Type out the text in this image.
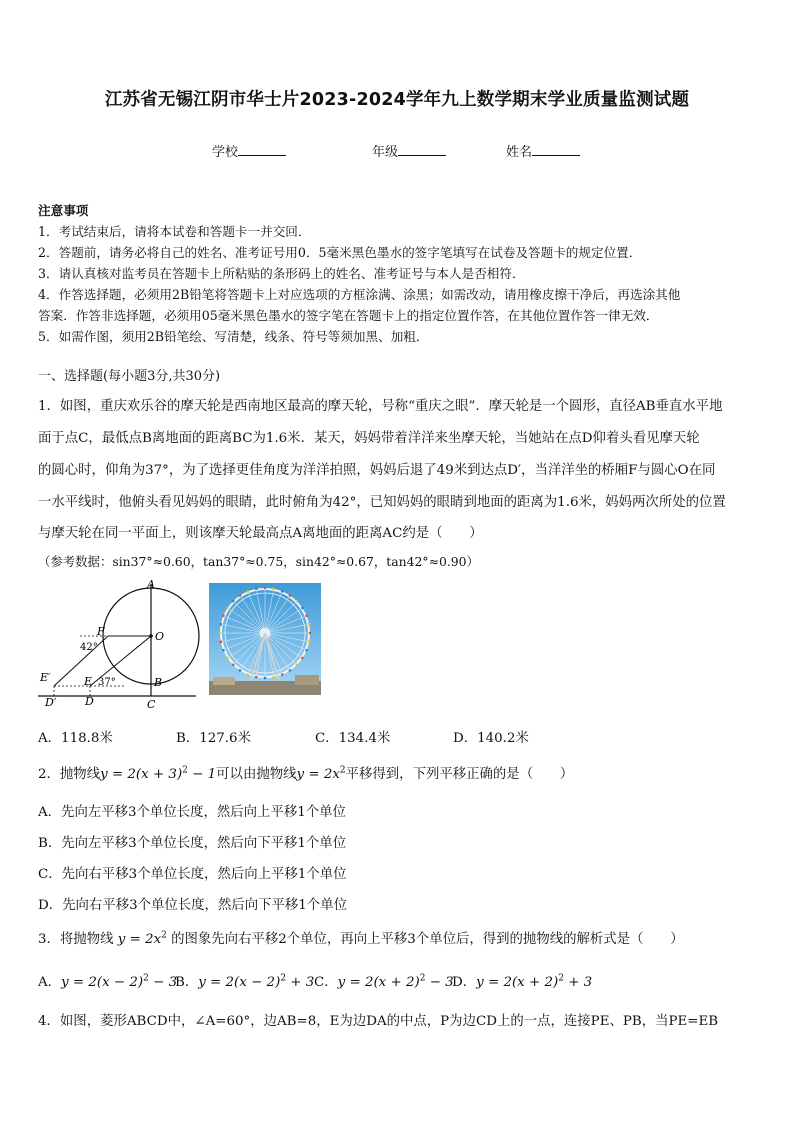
江苏省无锡江阴市华士片2023-2024学年九上数学期末学业质量监测试题
学校	年级	姓名
注意事项
1．考试结束后，请将本试卷和答题卡一并交回．
2．答题前，请务必将自己的姓名、准考证号用0．5毫米黑色墨水的签字笔填写在试卷及答题卡的规定位置．
3．请认真核对监考员在答题卡上所粘贴的条形码上的姓名、准考证号与本人是否相符．
4．作答选择题，必须用2B铅笔将答题卡上对应选项的方框涂满、涂黑；如需改动，请用橡皮擦干净后，再选涂其他
答案．作答非选择题，必须用05毫米黑色墨水的签字笔在答题卡上的指定位置作答，在其他位置作答一律无效．
5．如需作图，须用2B铅笔绘、写清楚，线条、符号等须加黑、加粗．
一、选择题(每小题3分,共30分)
1．如图，重庆欢乐谷的摩天轮是西南地区最高的摩天轮，号称“重庆之眼”．摩天轮是一个圆形，直径AB垂直水平地
面于点C，最低点B离地面的距离BC为1.6米．某天，妈妈带着洋洋来坐摩天轮，当她站在点D仰着头看见摩天轮
的圆心时，仰角为37°，为了选择更佳角度为洋洋拍照，妈妈后退了49米到达点D′，当洋洋坐的桥厢F与圆心O在同
一水平线时，他俯头看见妈妈的眼睛，此时俯角为42°，已知妈妈的眼睛到地面的距离为1.6米，妈妈两次所处的位置
与摩天轮在同一平面上，则该摩天轮最高点A离地面的距离AC约是（　　）
（参考数据：sin37°≈0.60，tan37°≈0.75，sin42°≈0.67，tan42°≈0.90）
A
O
F
B
C
D
D′
E
E′
42°
37°
A．118.8米	B．127.6米	C．134.4米	D．140.2米
2．抛物线$y = 2(x + 3)^2 - 1$可以由抛物线$y = 2x^2$平移得到，下列平移正确的是（　　）
A．先向左平移3个单位长度，然后向上平移1个单位
B．先向左平移3个单位长度，然后向下平移1个单位
C．先向右平移3个单位长度，然后向上平移1个单位
D．先向右平移3个单位长度，然后向下平移1个单位
3．将抛物线 $y = 2x^2$ 的图象先向右平移2个单位，再向上平移3个单位后，得到的抛物线的解析式是（　　）
A．$y = 2(x - 2)^2 - 3$
B．$y = 2(x - 2)^2 + 3$ C．$y = 2(x + 2)^2 - 3$
D．$y = 2(x + 2)^2 + 3$
4．如图，菱形ABCD中，∠A=60°，边AB=8，E为边DA的中点，P为边CD上的一点，连接PE、PB，当PE=EB
